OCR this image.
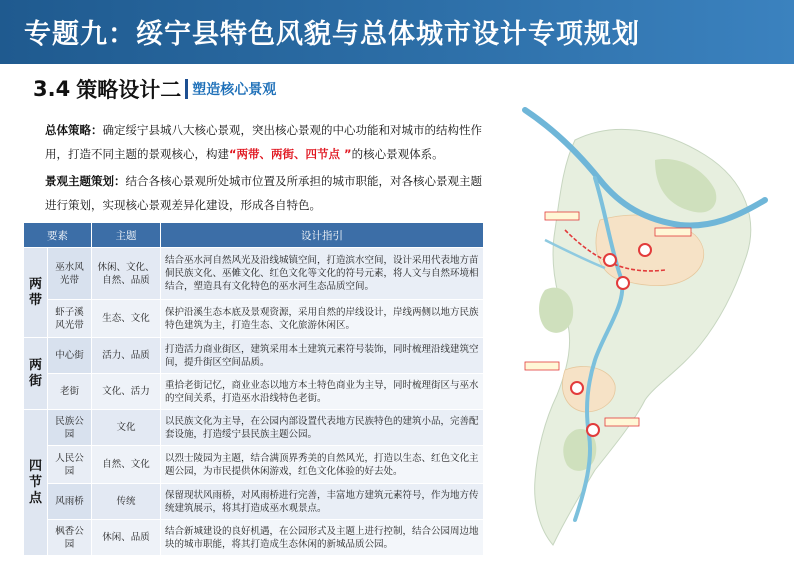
专题九：绥宁县特色风貌与总体城市设计专项规划
3.4 策略设计二 塑造核心景观
总体策略：确定绥宁县城八大核心景观，突出核心景观的中心功能和对城市的结构性作用，打造不同主题的景观核心，构建“两带、两街、四节点 ”的核心景观体系。
景观主题策划：结合各核心景观所处城市位置及所承担的城市职能，对各核心景观主题进行策划，实现核心景观差异化建设，形成各自特色。
要素		主题	设计指引
两带	巫水风光带	休闲、文化、自然、品质	结合巫水河自然风光及沿线城镇空间，打造滨水空间，设计采用代表地方苗侗民族文化、巫傩文化、红色文化等文化的符号元素，将人文与自然环境相结合，塑造具有文化特色的巫水河生态品质空间。
	虾子溪风光带	生态、文化	保护沿溪生态本底及景观资源，采用自然的岸线设计，岸线两侧以地方民族特色建筑为主，打造生态、文化旅游休闲区。
两街	中心街	活力、品质	打造活力商业街区，建筑采用本土建筑元素符号装饰，同时梳理沿线建筑空间，提升街区空间品质。
	老街	文化、活力	重拾老街记忆，商业业态以地方本土特色商业为主导，同时梳理街区与巫水的空间关系，打造巫水沿线特色老街。
四节点	民族公园	文化	以民族文化为主导，在公园内部设置代表地方民族特色的建筑小品，完善配套设施，打造绥宁县民族主题公园。
	人民公园	自然、文化	以烈士陵园为主题，结合满顶界秀美的自然风光，打造以生态、红色文化主题公园，为市民提供休闲游戏，红色文化体验的好去处。
	风雨桥	传统	保留现状风雨桥，对风雨桥进行完善，丰富地方建筑元素符号，作为地方传统建筑展示，将其打造成巫水观景点。
	枫香公园	休闲、品质	结合新城建设的良好机遇，在公园形式及主题上进行控制，结合公园周边地块的城市职能，将其打造成生态休闲的新城品质公园。
